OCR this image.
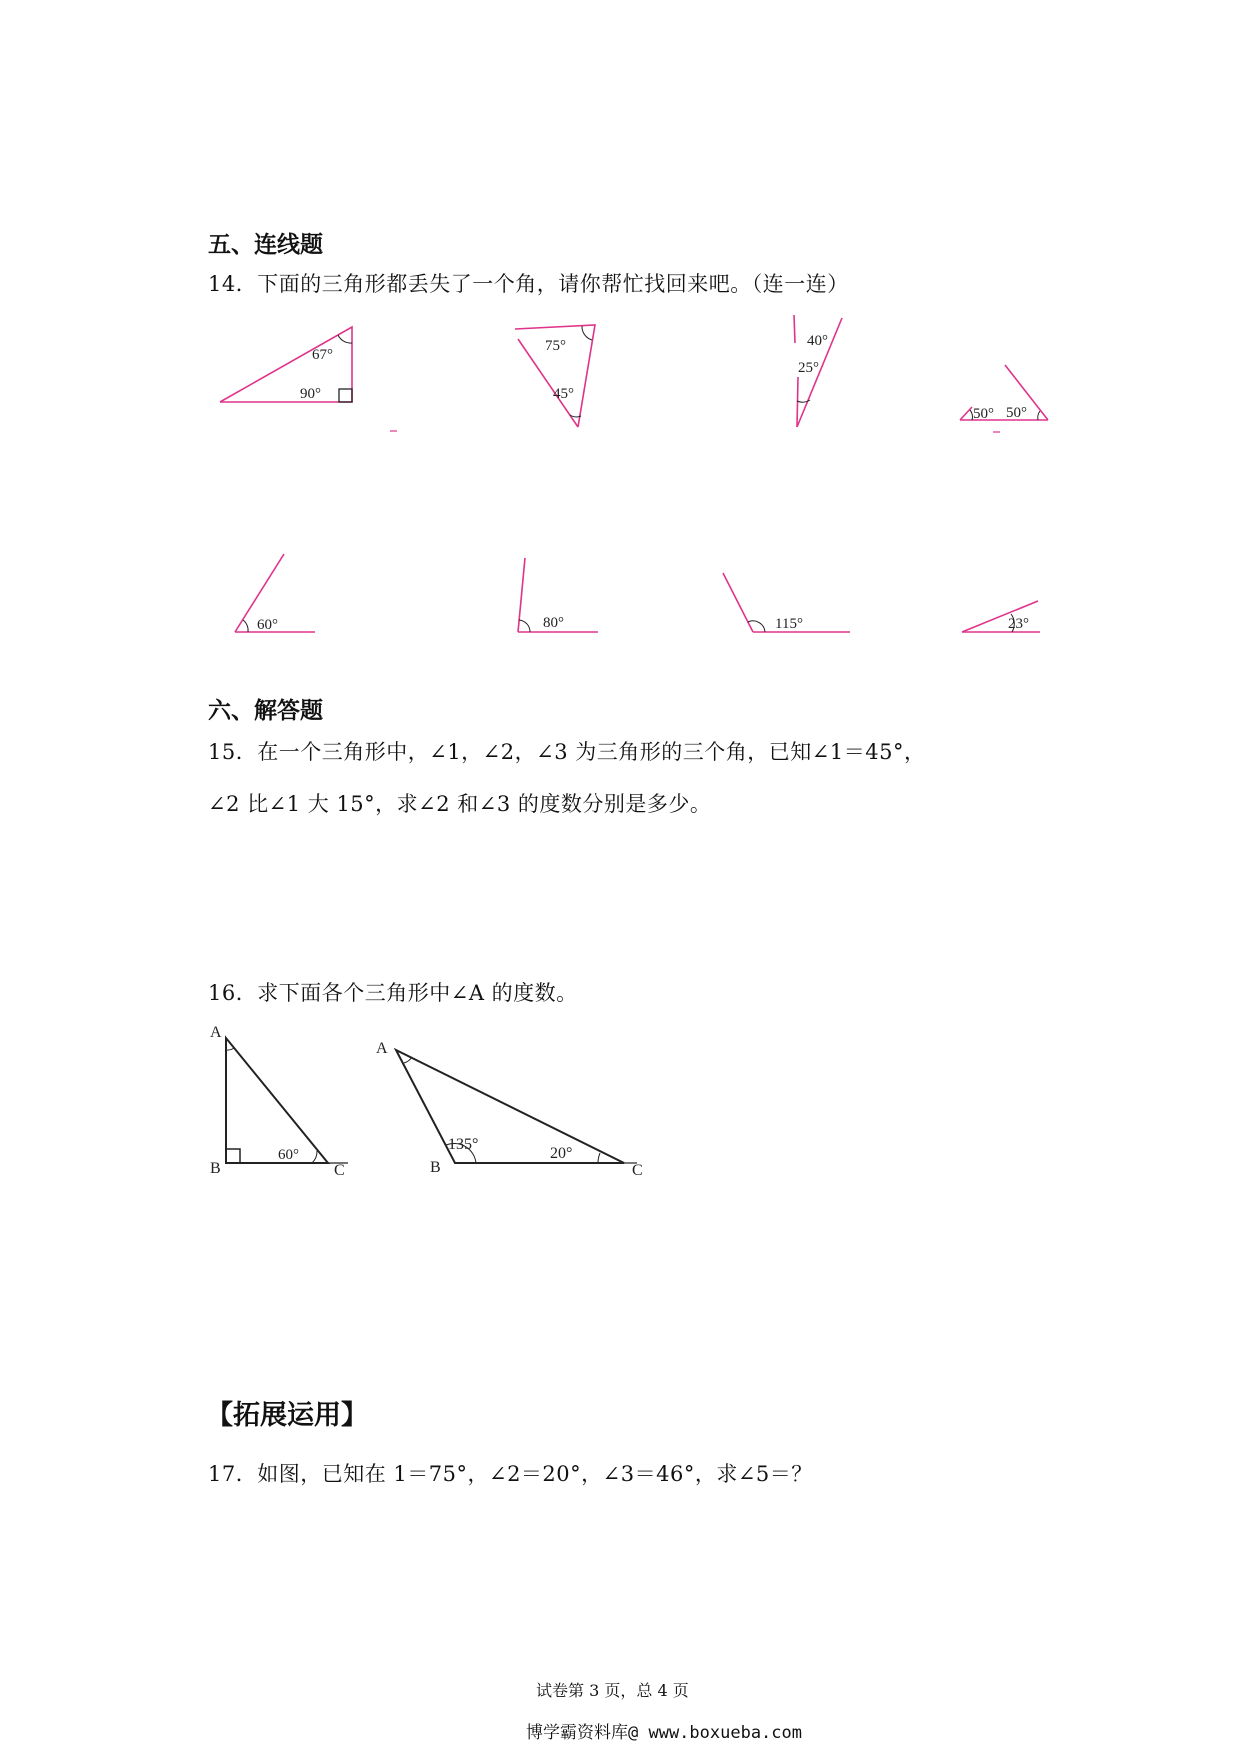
五、连线题
14．下面的三角形都丢失了一个角，请你帮忙找回来吧。（连一连）
67°
90°
75°
45°
40°
25°
50° 50°
60°	80°	115°	23°
六、解答题
15．在一个三角形中，∠1，∠2，∠3 为三角形的三个角，已知∠1＝45°，
∠2 比∠1 大 15°，求∠2 和∠3 的度数分别是多少。
16．求下面各个三角形中∠A 的度数。
A
B	C
60°
A
B	C
135°
20°
【拓展运用】
17．如图，已知在 1＝75°，∠2＝20°，∠3＝46°，求∠5＝？
试卷第 3 页，总 4 页
博学霸资料库@ www.boxueba.com
